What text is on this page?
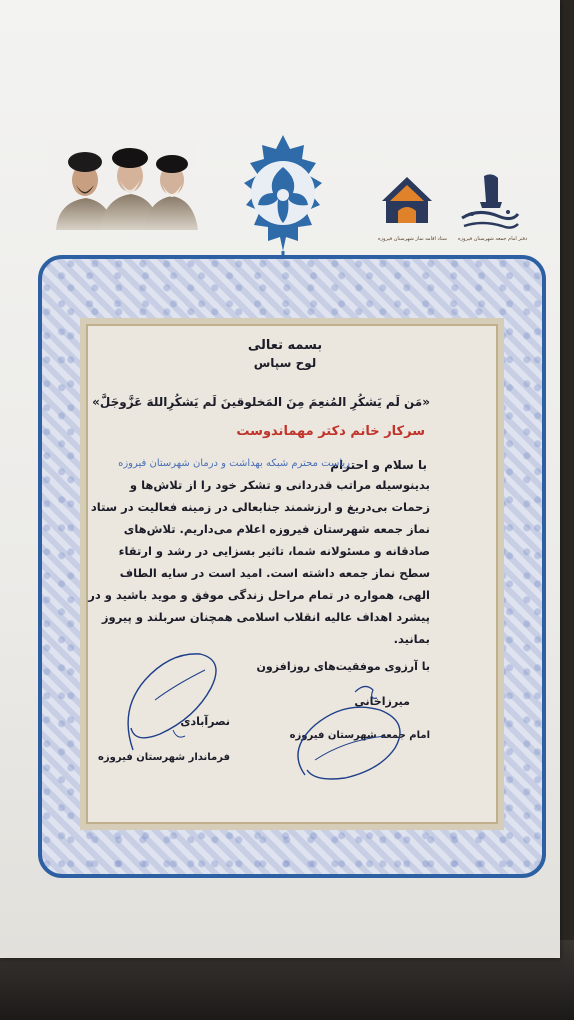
ستاد اقامه نماز شهرستان فیروزه دفتر امام جمعه شهرستان فیروزه
بسمه تعالی
لوح سپاس
«مَن لَم یَشکُرِ المُنعِمَ مِنَ المَخلوقینَ لَم یَشکُرِاللهَ عَزَّوجَلَّ»
سرکار خانم دکتر مهماندوست
با سلام و احترام
ریاست محترم شبکه بهداشت و درمان شهرستان فیروزه
بدینوسیله مراتب قدردانی و تشکر خود را از تلاش‌ها و
زحمات بی‌دریغ و ارزشمند جنابعالی در زمینه فعالیت در ستاد
نماز جمعه شهرستان فیروزه اعلام می‌داریم. تلاش‌های
صادقانه و مسئولانه شما، تاثیر بسزایی در رشد و ارتقاء
سطح نماز جمعه داشته است. امید است در سایه الطاف
الهی، همواره در تمام مراحل زندگی موفق و موید باشید و در
پیشرد اهداف عالیه انقلاب اسلامی همچنان سربلند و پیروز
بمانید.
با آرزوی موفقیت‌های روزافزون
میرزاخانی
امام جمعه شهرستان فیروزه
نصرآبادی
فرماندار شهرستان فیروزه
